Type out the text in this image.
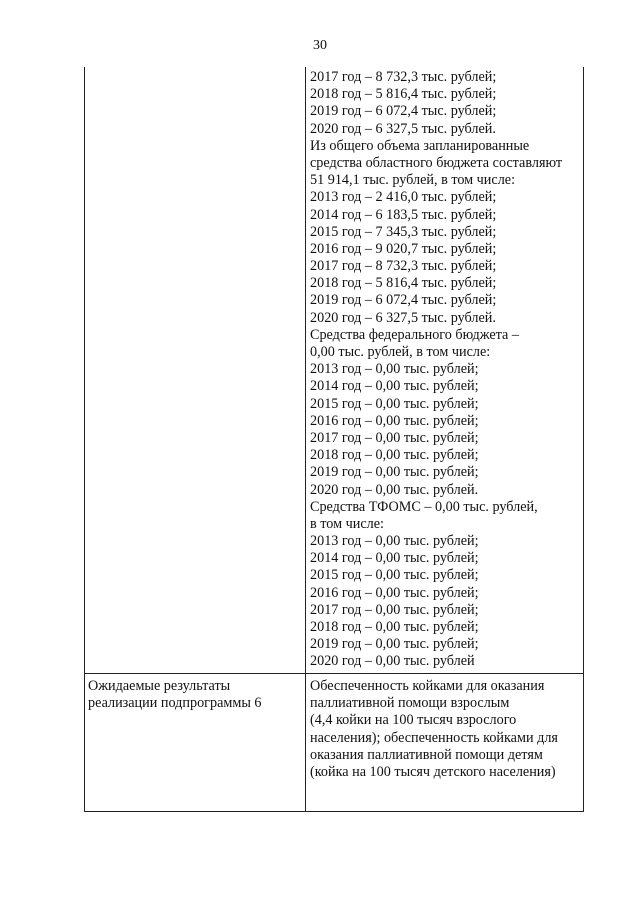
30
2017 год – 8 732,3 тыс. рублей;
2018 год – 5 816,4 тыс. рублей;
2019 год – 6 072,4 тыс. рублей;
2020 год – 6 327,5 тыс. рублей.
Из общего объема запланированные
средства областного бюджета составляют
51 914,1 тыс. рублей, в том числе:
2013 год – 2 416,0 тыс. рублей;
2014 год – 6 183,5 тыс. рублей;
2015 год – 7 345,3 тыс. рублей;
2016 год – 9 020,7 тыс. рублей;
2017 год – 8 732,3 тыс. рублей;
2018 год – 5 816,4 тыс. рублей;
2019 год – 6 072,4 тыс. рублей;
2020 год – 6 327,5 тыс. рублей.
Средства федерального бюджета –
0,00 тыс. рублей, в том числе:
2013 год – 0,00 тыс. рублей;
2014 год – 0,00 тыс. рублей;
2015 год – 0,00 тыс. рублей;
2016 год – 0,00 тыс. рублей;
2017 год – 0,00 тыс. рублей;
2018 год – 0,00 тыс. рублей;
2019 год – 0,00 тыс. рублей;
2020 год – 0,00 тыс. рублей.
Средства ТФОМС – 0,00 тыс. рублей,
в том числе:
2013 год – 0,00 тыс. рублей;
2014 год – 0,00 тыс. рублей;
2015 год – 0,00 тыс. рублей;
2016 год – 0,00 тыс. рублей;
2017 год – 0,00 тыс. рублей;
2018 год – 0,00 тыс. рублей;
2019 год – 0,00 тыс. рублей;
2020 год – 0,00 тыс. рублей
Ожидаемые результаты
реализации подпрограммы 6
Обеспеченность койками для оказания
паллиативной помощи взрослым
(4,4 койки на 100 тысяч взрослого
населения); обеспеченность койками для
оказания паллиативной помощи детям
(койка на 100 тысяч детского населения)
